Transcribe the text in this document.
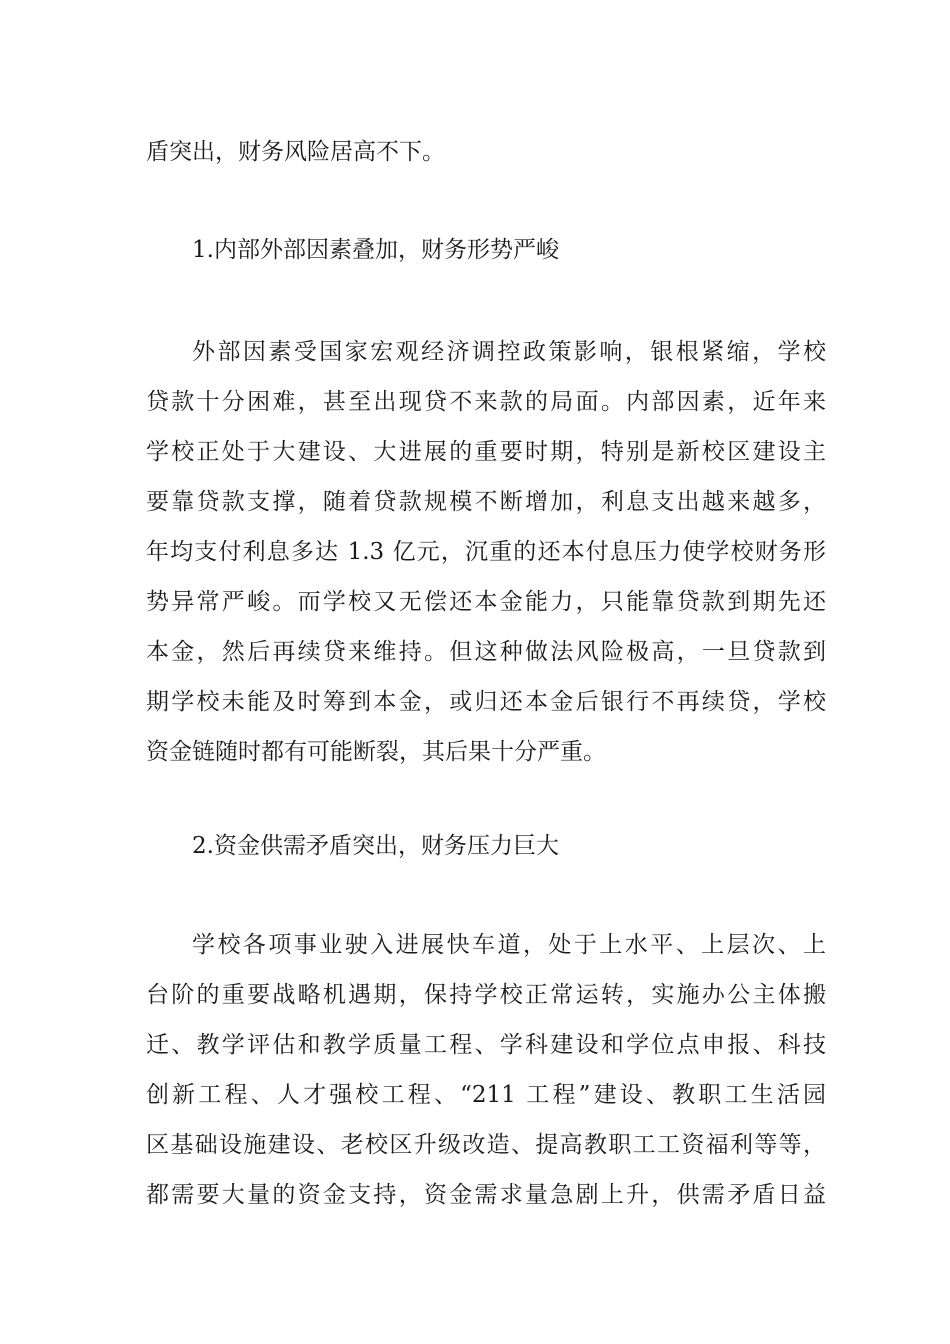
盾突出，财务风险居高不下。
1.内部外部因素叠加，财务形势严峻
外部因素受国家宏观经济调控政策影响，银根紧缩，学校
贷款十分困难，甚至出现贷不来款的局面。内部因素，近年来
学校正处于大建设、大进展的重要时期，特别是新校区建设主
要靠贷款支撑，随着贷款规模不断增加，利息支出越来越多，
年均支付利息多达 1.3 亿元，沉重的还本付息压力使学校财务形
势异常严峻。而学校又无偿还本金能力，只能靠贷款到期先还
本金，然后再续贷来维持。但这种做法风险极高，一旦贷款到
期学校未能及时筹到本金，或归还本金后银行不再续贷，学校
资金链随时都有可能断裂，其后果十分严重。
2.资金供需矛盾突出，财务压力巨大
学校各项事业驶入进展快车道，处于上水平、上层次、上
台阶的重要战略机遇期，保持学校正常运转，实施办公主体搬
迁、教学评估和教学质量工程、学科建设和学位点申报、科技
创新工程、人才强校工程、“211 工程”建设、教职工生活园
区基础设施建设、老校区升级改造、提高教职工工资福利等等，
都需要大量的资金支持，资金需求量急剧上升，供需矛盾日益
